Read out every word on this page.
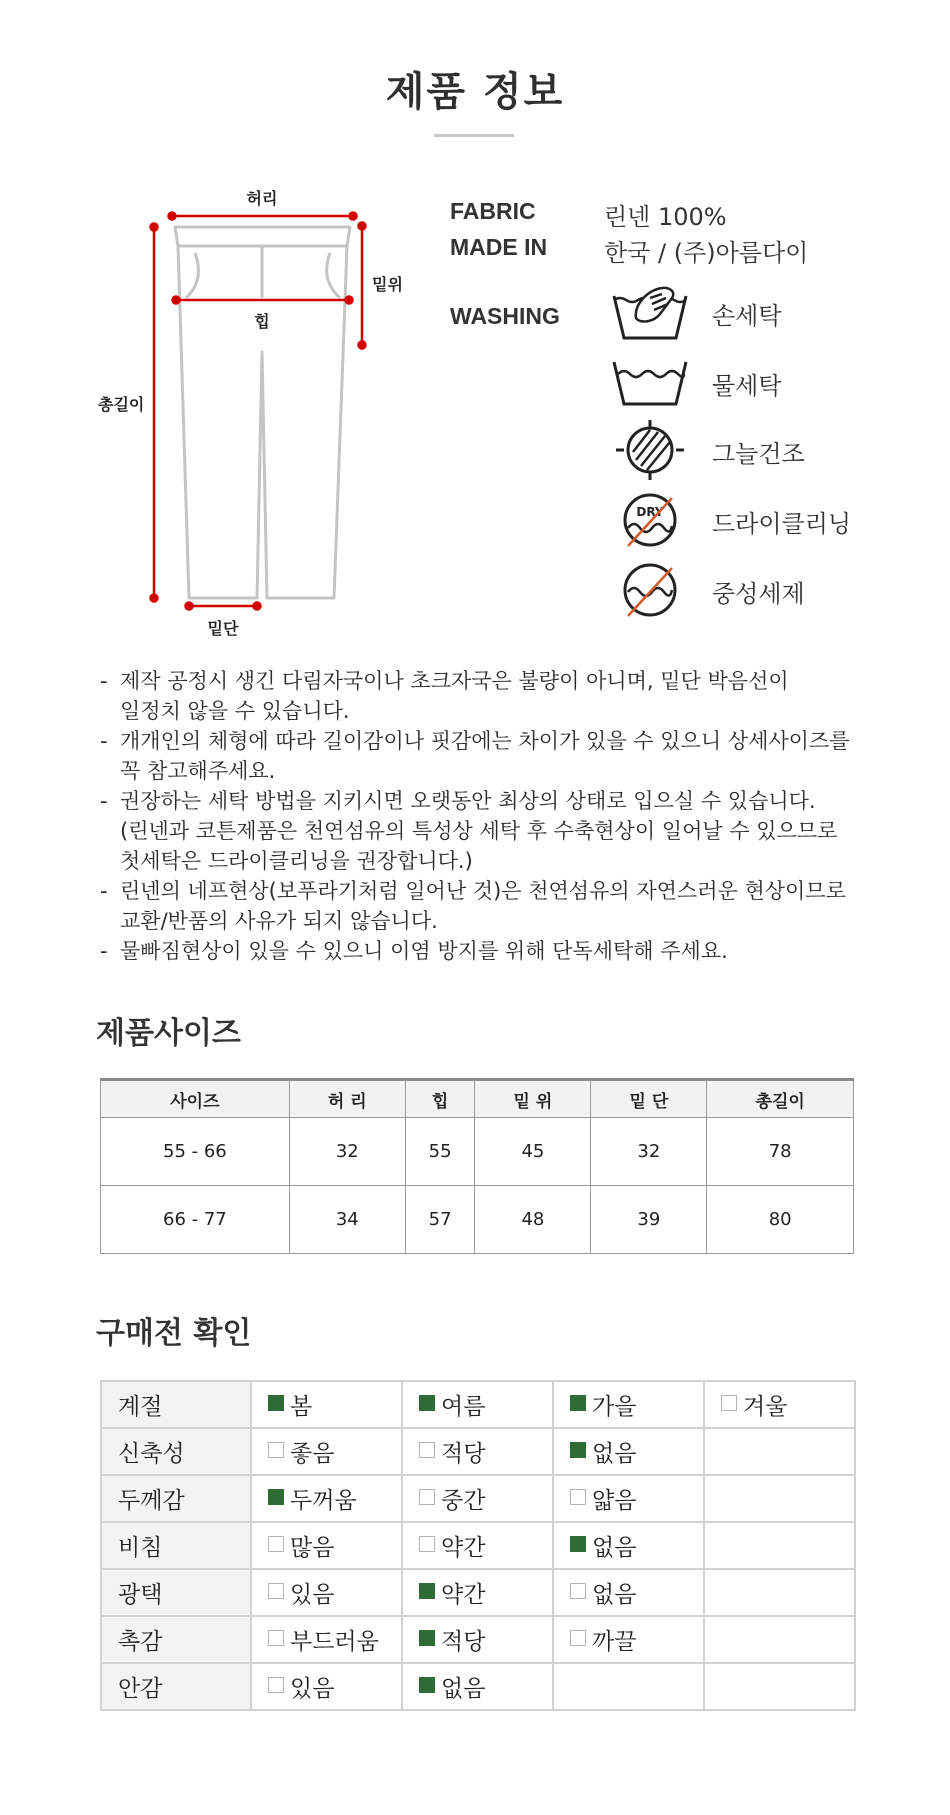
제품 정보
허리
밑위
힙
총길이
밑단
FABRIC	린넨 100%
MADE IN 한국 / (주)아름다이
WASHING	손세탁
물세탁
그늘건조
DRY 드라이클리닝
중성세제
- 제작 공정시 생긴 다림자국이나 초크자국은 불량이 아니며, 밑단 박음선이
일정치 않을 수 있습니다.
- 개개인의 체형에 따라 길이감이나 핏감에는 차이가 있을 수 있으니 상세사이즈를
꼭 참고해주세요.
- 권장하는 세탁 방법을 지키시면 오랫동안 최상의 상태로 입으실 수 있습니다.
(린넨과 코튼제품은 천연섬유의 특성상 세탁 후 수축현상이 일어날 수 있으므로
첫세탁은 드라이클리닝을 권장합니다.)
- 린넨의 네프현상(보푸라기처럼 일어난 것)은 천연섬유의 자연스러운 현상이므로
교환/반품의 사유가 되지 않습니다.
- 물빠짐현상이 있을 수 있으니 이염 방지를 위해 단독세탁해 주세요.
제품사이즈
사이즈	허 리	힙	밑 위	밑 단	총길이
55 - 66	32	55	45	32	78
66 - 77	34	57	48	39	80
구매전 확인
계절	봄	여름	가을	겨울
신축성	좋음	적당	없음	
두께감	두꺼움	중간	얇음	
비침	많음	약간	없음	
광택	있음	약간	없음	
촉감	부드러움	적당	까끌	
안감	있음	없음		
